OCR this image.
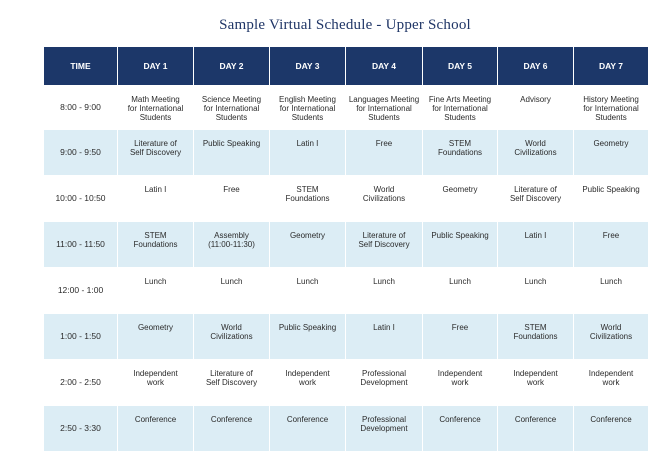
Sample Virtual Schedule - Upper School
TIME	DAY 1	DAY 2	DAY 3	DAY 4	DAY 5	DAY 6	DAY 7
8:00 - 9:00	Math Meeting
for International
Students	Science Meeting
for International
Students	English Meeting
for International
Students	Languages Meeting
for International
Students	Fine Arts Meeting
for International
Students	Advisory	History Meeting
for International
Students

9:00 - 9:50	Literature of
Self Discovery	Public Speaking	Latin I	Free	STEM
Foundations	World
Civilizations	Geometry

10:00 - 10:50	Latin I	Free	STEM
Foundations	World
Civilizations	Geometry	Literature of
Self Discovery	Public Speaking

11:00 - 11:50	STEM
Foundations	Assembly
(11:00-11:30)	Geometry	Literature of
Self Discovery	Public Speaking	Latin I	Free

12:00 - 1:00	Lunch	Lunch	Lunch	Lunch	Lunch	Lunch	Lunch

1:00 - 1:50	Geometry	World
Civilizations	Public Speaking	Latin I	Free	STEM
Foundations	World
Civilizations

2:00 - 2:50	Independent
work	Literature of
Self Discovery	Independent
work	Professional
Development	Independent
work	Independent
work	Independent
work

2:50 - 3:30	Conference	Conference	Conference	Professional
Development	Conference	Conference	Conference
